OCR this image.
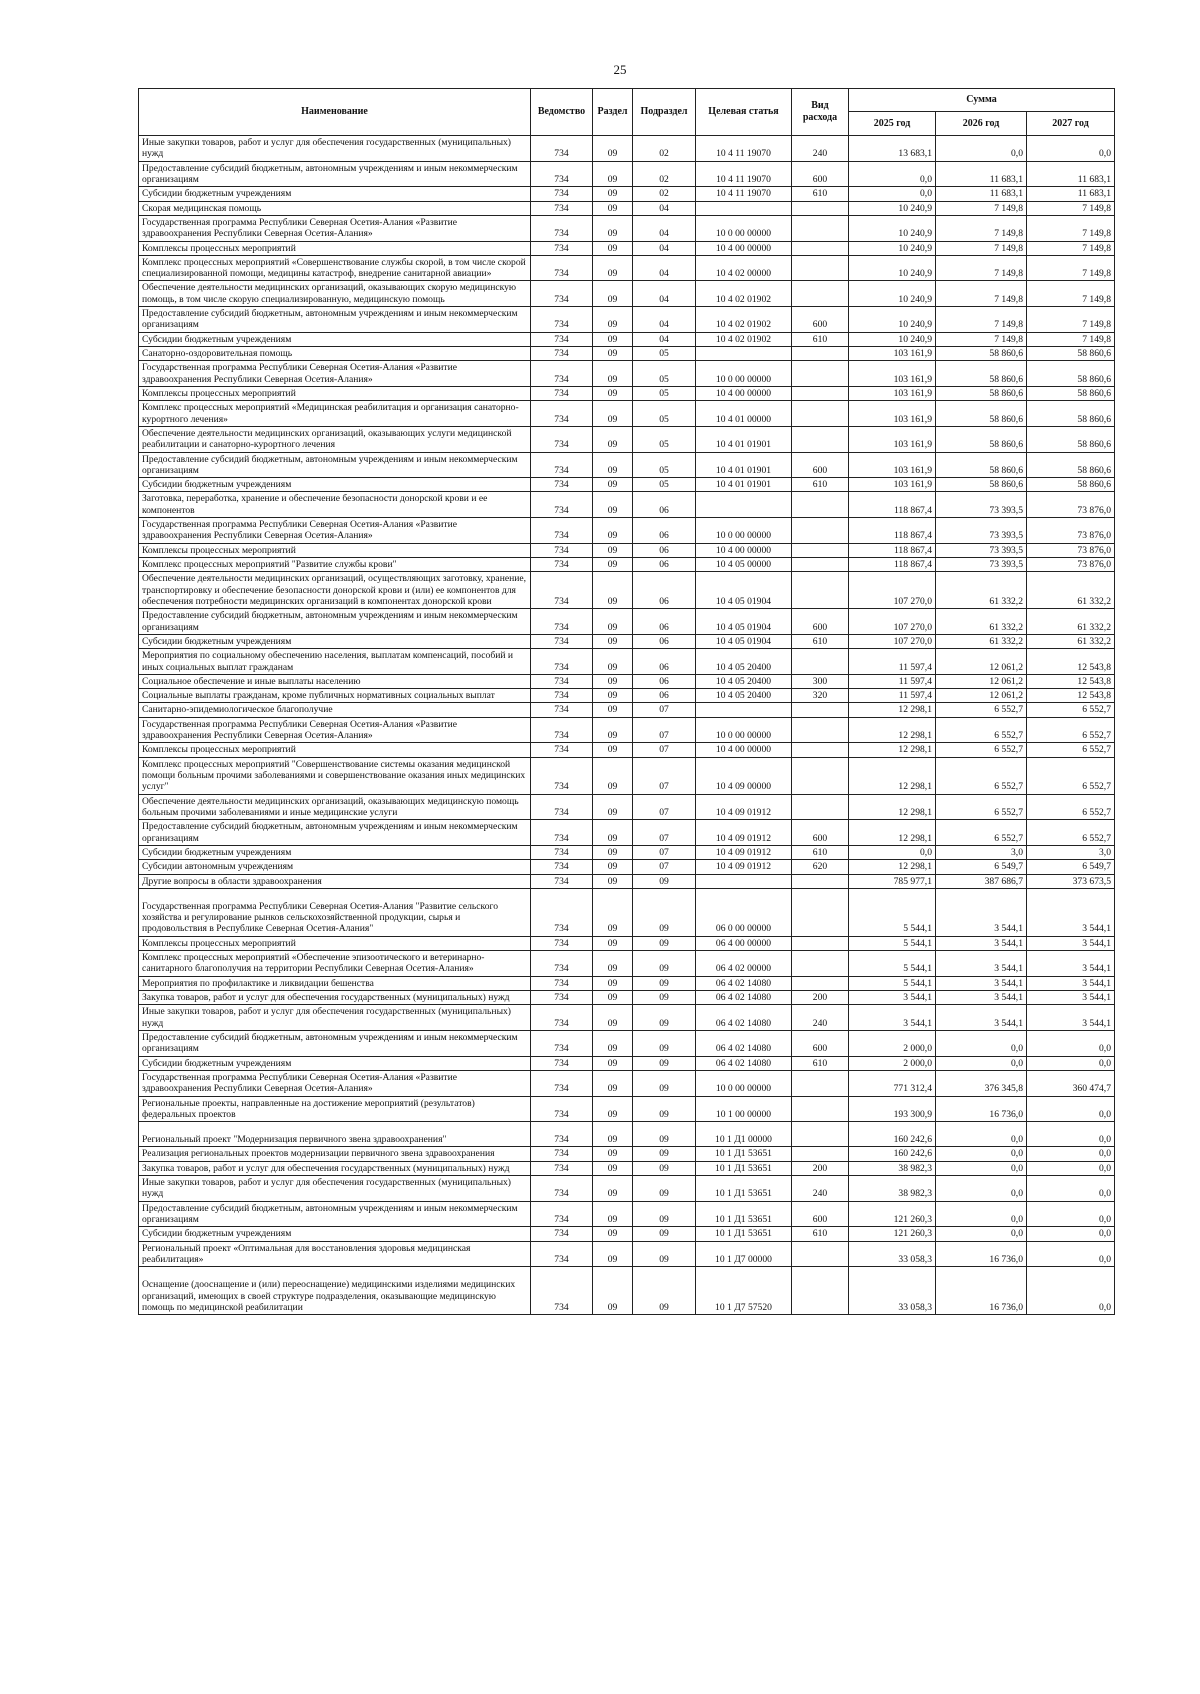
25
Наименование	Ведомство	Раздел	Подраздел	Целевая статья	Вид расхода	Сумма		
						2025 год	2026 год	2027 год
Иные закупки товаров, работ и услуг для обеспечения государственных (муниципальных) нужд	734	09	02	10 4 11 19070	240	13 683,1	0,0	0,0
Предоставление субсидий бюджетным, автономным учреждениям и иным некоммерческим организациям	734	09	02	10 4 11 19070	600	0,0	11 683,1	11 683,1
Субсидии бюджетным учреждениям	734	09	02	10 4 11 19070	610	0,0	11 683,1	11 683,1
Скорая медицинская помощь	734	09	04			10 240,9	7 149,8	7 149,8
Государственная программа Республики Северная Осетия-Алания «Развитие здравоохранения Республики Северная Осетия-Алания»	734	09	04	10 0 00 00000		10 240,9	7 149,8	7 149,8
Комплексы процессных мероприятий	734	09	04	10 4 00 00000		10 240,9	7 149,8	7 149,8
Комплекс процессных мероприятий «Совершенствование службы скорой, в том числе скорой специализированной помощи, медицины катастроф, внедрение санитарной авиации»	734	09	04	10 4 02 00000		10 240,9	7 149,8	7 149,8
Обеспечение деятельности медицинских организаций, оказывающих скорую медицинскую помощь, в том числе скорую специализированную, медицинскую помощь	734	09	04	10 4 02 01902		10 240,9	7 149,8	7 149,8
Предоставление субсидий бюджетным, автономным учреждениям и иным некоммерческим организациям	734	09	04	10 4 02 01902	600	10 240,9	7 149,8	7 149,8
Субсидии бюджетным учреждениям	734	09	04	10 4 02 01902	610	10 240,9	7 149,8	7 149,8
Санаторно-оздоровительная помощь	734	09	05			103 161,9	58 860,6	58 860,6
Государственная программа Республики Северная Осетия-Алания «Развитие здравоохранения Республики Северная Осетия-Алания»	734	09	05	10 0 00 00000		103 161,9	58 860,6	58 860,6
Комплексы процессных мероприятий	734	09	05	10 4 00 00000		103 161,9	58 860,6	58 860,6
Комплекс процессных мероприятий «Медицинская реабилитация и организация санаторно-курортного лечения»	734	09	05	10 4 01 00000		103 161,9	58 860,6	58 860,6
Обеспечение деятельности медицинских организаций, оказывающих услуги медицинской реабилитации и санаторно-курортного лечения	734	09	05	10 4 01 01901		103 161,9	58 860,6	58 860,6
Предоставление субсидий бюджетным, автономным учреждениям и иным некоммерческим организациям	734	09	05	10 4 01 01901	600	103 161,9	58 860,6	58 860,6
Субсидии бюджетным учреждениям	734	09	05	10 4 01 01901	610	103 161,9	58 860,6	58 860,6
Заготовка, переработка, хранение и обеспечение безопасности донорской крови и ее компонентов	734	09	06			118 867,4	73 393,5	73 876,0
Государственная программа Республики Северная Осетия-Алания «Развитие здравоохранения Республики Северная Осетия-Алания»	734	09	06	10 0 00 00000		118 867,4	73 393,5	73 876,0
Комплексы процессных мероприятий	734	09	06	10 4 00 00000		118 867,4	73 393,5	73 876,0
Комплекс процессных мероприятий "Развитие службы крови"	734	09	06	10 4 05 00000		118 867,4	73 393,5	73 876,0
Обеспечение деятельности медицинских организаций, осуществляющих заготовку, хранение, транспортировку и обеспечение безопасности донорской крови и (или) ее компонентов для обеспечения потребности медицинских организаций в компонентах донорской крови	734	09	06	10 4 05 01904		107 270,0	61 332,2	61 332,2
Предоставление субсидий бюджетным, автономным учреждениям и иным некоммерческим организациям	734	09	06	10 4 05 01904	600	107 270,0	61 332,2	61 332,2
Субсидии бюджетным учреждениям	734	09	06	10 4 05 01904	610	107 270,0	61 332,2	61 332,2
Мероприятия по социальному обеспечению населения, выплатам компенсаций, пособий и иных социальных выплат гражданам	734	09	06	10 4 05 20400		11 597,4	12 061,2	12 543,8
Социальное обеспечение и иные выплаты населению	734	09	06	10 4 05 20400	300	11 597,4	12 061,2	12 543,8
Социальные выплаты гражданам, кроме публичных нормативных социальных выплат	734	09	06	10 4 05 20400	320	11 597,4	12 061,2	12 543,8
Санитарно-эпидемиологическое благополучие	734	09	07			12 298,1	6 552,7	6 552,7
Государственная программа Республики Северная Осетия-Алания «Развитие здравоохранения Республики Северная Осетия-Алания»	734	09	07	10 0 00 00000		12 298,1	6 552,7	6 552,7
Комплексы процессных мероприятий	734	09	07	10 4 00 00000		12 298,1	6 552,7	6 552,7
Комплекс процессных мероприятий "Совершенствование системы оказания медицинской помощи больным прочими заболеваниями и совершенствование оказания иных медицинских услуг"	734	09	07	10 4 09 00000		12 298,1	6 552,7	6 552,7
Обеспечение деятельности медицинских организаций, оказывающих медицинскую помощь больным прочими заболеваниями и иные медицинские услуги	734	09	07	10 4 09 01912		12 298,1	6 552,7	6 552,7
Предоставление субсидий бюджетным, автономным учреждениям и иным некоммерческим организациям	734	09	07	10 4 09 01912	600	12 298,1	6 552,7	6 552,7
Субсидии бюджетным учреждениям	734	09	07	10 4 09 01912	610	0,0	3,0	3,0
Субсидии автономным учреждениям	734	09	07	10 4 09 01912	620	12 298,1	6 549,7	6 549,7
Другие вопросы в области здравоохранения	734	09	09			785 977,1	387 686,7	373 673,5
Государственная программа Республики Северная Осетия-Алания "Развитие сельского хозяйства и регулирование рынков сельскохозяйственной продукции, сырья и продовольствия в Республике Северная Осетия-Алания"	734	09	09	06 0 00 00000		5 544,1	3 544,1	3 544,1
Комплексы процессных мероприятий	734	09	09	06 4 00 00000		5 544,1	3 544,1	3 544,1
Комплекс процессных мероприятий «Обеспечение эпизоотического и ветеринарно-санитарного благополучия на территории Республики Северная Осетия-Алания»	734	09	09	06 4 02 00000		5 544,1	3 544,1	3 544,1
Мероприятия по профилактике и ликвидации бешенства	734	09	09	06 4 02 14080		5 544,1	3 544,1	3 544,1
Закупка товаров, работ и услуг для обеспечения государственных (муниципальных) нужд	734	09	09	06 4 02 14080	200	3 544,1	3 544,1	3 544,1
Иные закупки товаров, работ и услуг для обеспечения государственных (муниципальных) нужд	734	09	09	06 4 02 14080	240	3 544,1	3 544,1	3 544,1
Предоставление субсидий бюджетным, автономным учреждениям и иным некоммерческим организациям	734	09	09	06 4 02 14080	600	2 000,0	0,0	0,0
Субсидии бюджетным учреждениям	734	09	09	06 4 02 14080	610	2 000,0	0,0	0,0
Государственная программа Республики Северная Осетия-Алания «Развитие здравоохранения Республики Северная Осетия-Алания»	734	09	09	10 0 00 00000		771 312,4	376 345,8	360 474,7
Региональные проекты, направленные на достижение мероприятий (результатов) федеральных проектов	734	09	09	10 1 00 00000		193 300,9	16 736,0	0,0
Региональный проект "Модернизация первичного звена здравоохранения"	734	09	09	10 1 Д1 00000		160 242,6	0,0	0,0
Реализация региональных проектов модернизации первичного звена здравоохранения	734	09	09	10 1 Д1 53651		160 242,6	0,0	0,0
Закупка товаров, работ и услуг для обеспечения государственных (муниципальных) нужд	734	09	09	10 1 Д1 53651	200	38 982,3	0,0	0,0
Иные закупки товаров, работ и услуг для обеспечения государственных (муниципальных) нужд	734	09	09	10 1 Д1 53651	240	38 982,3	0,0	0,0
Предоставление субсидий бюджетным, автономным учреждениям и иным некоммерческим организациям	734	09	09	10 1 Д1 53651	600	121 260,3	0,0	0,0
Субсидии бюджетным учреждениям	734	09	09	10 1 Д1 53651	610	121 260,3	0,0	0,0
Региональный проект «Оптимальная для восстановления здоровья медицинская реабилитация»	734	09	09	10 1 Д7 00000		33 058,3	16 736,0	0,0
Оснащение (дооснащение и (или) переоснащение) медицинскими изделиями медицинских организаций, имеющих в своей структуре подразделения, оказывающие медицинскую помощь по медицинской реабилитации	734	09	09	10 1 Д7 57520		33 058,3	16 736,0	0,0
